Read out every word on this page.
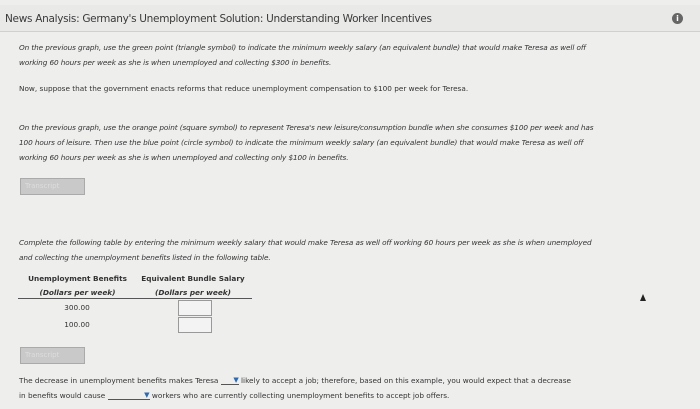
News Analysis: Germany's Unemployment Solution: Understanding Worker Incentives	i
On the previous graph, use the green point (triangle symbol) to indicate the minimum weekly salary (an equivalent bundle) that would make Teresa as well off working 60 hours per week as she is when unemployed and collecting $300 in benefits.
Now, suppose that the government enacts reforms that reduce unemployment compensation to $100 per week for Teresa.
On the previous graph, use the orange point (square symbol) to represent Teresa's new leisure/consumption bundle when she consumes $100 per week and has 100 hours of leisure. Then use the blue point (circle symbol) to indicate the minimum weekly salary (an equivalent bundle) that would make Teresa as well off working 60 hours per week as she is when unemployed and collecting only $100 in benefits.
Transcript
Complete the following table by entering the minimum weekly salary that would make Teresa as well off working 60 hours per week as she is when unemployed and collecting the unemployment benefits listed in the following table.
Unemployment Benefits
(Dollars per week)
Equivalent Bundle Salary
(Dollars per week)
300.00
100.00
Transcript
The decrease in unemployment benefits makes Teresa ▼ likely to accept a job; therefore, based on this example, you would expect that a decrease
in benefits would cause	▼ workers who are currently collecting unemployment benefits to accept job offers.
